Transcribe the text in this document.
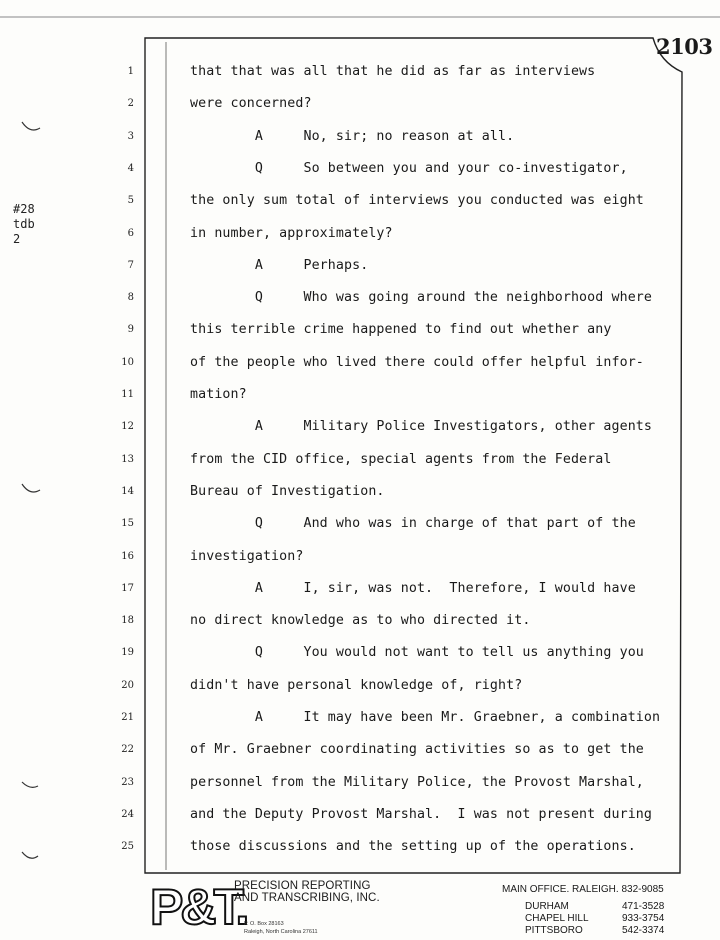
2103
#28
tdb
2
1	that that was all that he did as far as interviews
2	were concerned?
3	A     No, sir; no reason at all.
4	Q     So between you and your co-investigator,
5	the only sum total of interviews you conducted was eight
6	in number, approximately?
7	A     Perhaps.
8	Q     Who was going around the neighborhood where
9	this terrible crime happened to find out whether any
10	of the people who lived there could offer helpful infor-
11	mation?
12	A     Military Police Investigators, other agents
13	from the CID office, special agents from the Federal
14	Bureau of Investigation.
15	Q     And who was in charge of that part of the
16	investigation?
17	A     I, sir, was not.  Therefore, I would have
18	no direct knowledge as to who directed it.
19	Q     You would not want to tell us anything you
20	didn't have personal knowledge of, right?
21	A     It may have been Mr. Graebner, a combination
22	of Mr. Graebner coordinating activities so as to get the
23	personnel from the Military Police, the Provost Marshal,
24	and the Deputy Provost Marshal.  I was not present during
25	those discussions and the setting up of the operations.
P&T.
PRECISION REPORTING
AND TRANSCRIBING, INC.
P. O. Box 28163
Raleigh, North Carolina 27611
MAIN OFFICE. RALEIGH. 832-9085
DURHAM	471-3528
CHAPEL HILL	933-3754
PITTSBORO	542-3374
